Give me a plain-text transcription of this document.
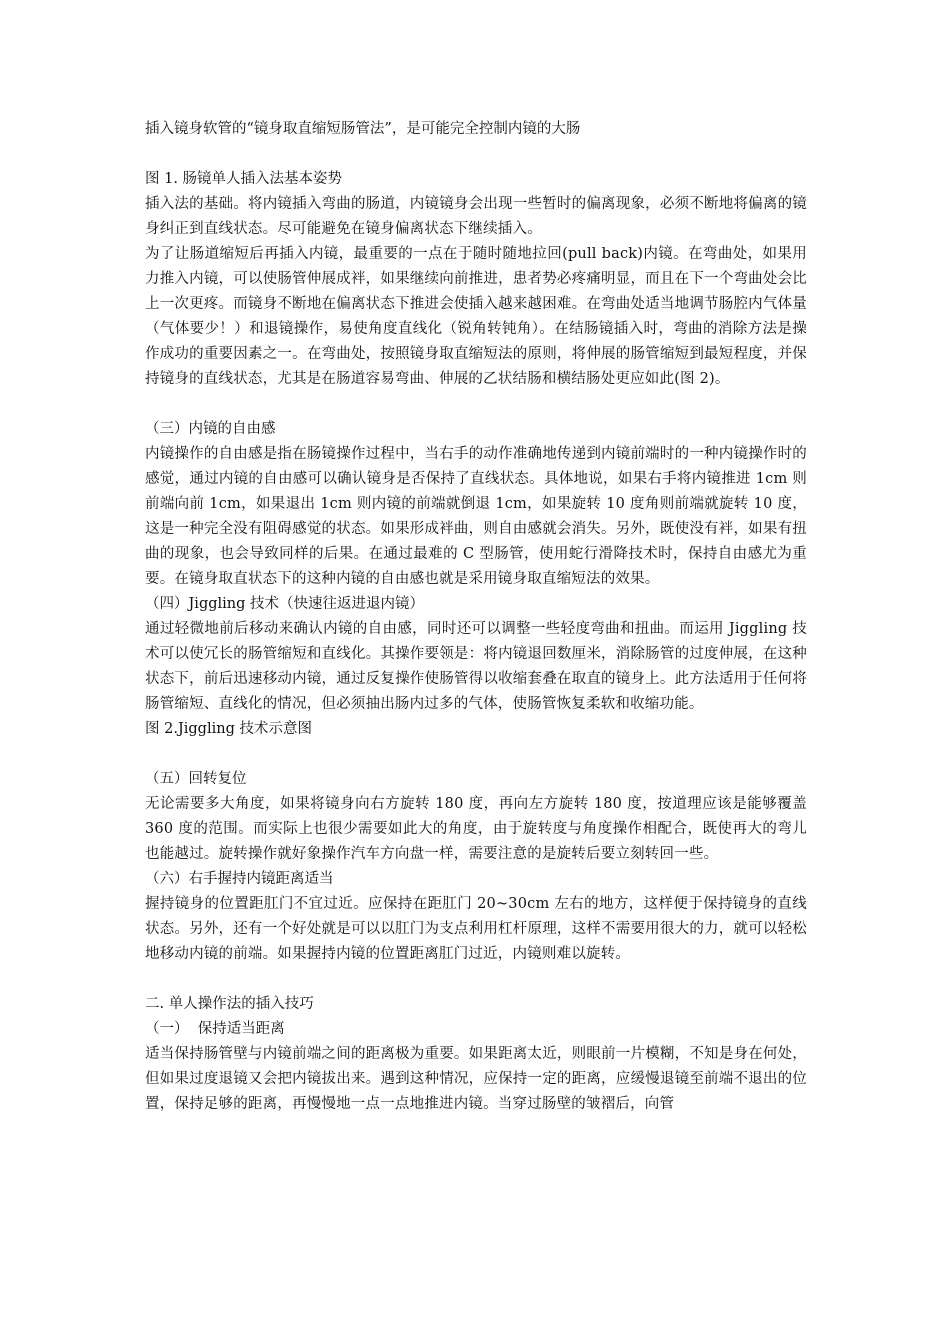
插入镜身软管的“镜身取直缩短肠管法”，是可能完全控制内镜的大肠

图 1. 肠镜单人插入法基本姿势

插入法的基础。将内镜插入弯曲的肠道，内镜镜身会出现一些暂时的偏离现象，必须不断地将偏离的镜身纠正到直线状态。尽可能避免在镜身偏离状态下继续插入。

为了让肠道缩短后再插入内镜，最重要的一点在于随时随地拉回(pull back)内镜。在弯曲处，如果用力推入内镜，可以使肠管伸展成袢，如果继续向前推进，患者势必疼痛明显，而且在下一个弯曲处会比上一次更疼。而镜身不断地在偏离状态下推进会使插入越来越困难。在弯曲处适当地调节肠腔内气体量（气体要少！）和退镜操作，易使角度直线化（锐角转钝角）。在结肠镜插入时，弯曲的消除方法是操作成功的重要因素之一。在弯曲处，按照镜身取直缩短法的原则，将伸展的肠管缩短到最短程度，并保持镜身的直线状态，尤其是在肠道容易弯曲、伸展的乙状结肠和横结肠处更应如此(图 2)。

（三）内镜的自由感

内镜操作的自由感是指在肠镜操作过程中，当右手的动作准确地传递到内镜前端时的一种内镜操作时的感觉，通过内镜的自由感可以确认镜身是否保持了直线状态。具体地说，如果右手将内镜推进 1cm 则前端向前 1cm，如果退出 1cm 则内镜的前端就倒退 1cm，如果旋转 10 度角则前端就旋转 10 度，这是一种完全没有阻碍感觉的状态。如果形成袢曲，则自由感就会消失。另外，既使没有袢，如果有扭曲的现象，也会导致同样的后果。在通过最难的 C 型肠管，使用蛇行滑降技术时，保持自由感尤为重要。在镜身取直状态下的这种内镜的自由感也就是采用镜身取直缩短法的效果。

（四）Jiggling 技术（快速往返进退内镜）

通过轻微地前后移动来确认内镜的自由感，同时还可以调整一些轻度弯曲和扭曲。而运用 Jiggling 技术可以使冗长的肠管缩短和直线化。其操作要领是：将内镜退回数厘米，消除肠管的过度伸展，在这种状态下，前后迅速移动内镜，通过反复操作使肠管得以收缩套叠在取直的镜身上。此方法适用于任何将肠管缩短、直线化的情况，但必须抽出肠内过多的气体，使肠管恢复柔软和收缩功能。

图 2.Jiggling 技术示意图

（五）回转复位

无论需要多大角度，如果将镜身向右方旋转 180 度，再向左方旋转 180 度，按道理应该是能够覆盖 360 度的范围。而实际上也很少需要如此大的角度，由于旋转度与角度操作相配合，既使再大的弯儿也能越过。旋转操作就好象操作汽车方向盘一样，需要注意的是旋转后要立刻转回一些。

（六）右手握持内镜距离适当

握持镜身的位置距肛门不宜过近。应保持在距肛门 20~30cm 左右的地方，这样便于保持镜身的直线状态。另外，还有一个好处就是可以以肛门为支点利用杠杆原理，这样不需要用很大的力，就可以轻松地移动内镜的前端。如果握持内镜的位置距离肛门过近，内镜则难以旋转。

二. 单人操作法的插入技巧

（一）  保持适当距离

适当保持肠管壁与内镜前端之间的距离极为重要。如果距离太近，则眼前一片模糊，不知是身在何处，但如果过度退镜又会把内镜拔出来。遇到这种情况，应保持一定的距离，应缓慢退镜至前端不退出的位置，保持足够的距离，再慢慢地一点一点地推进内镜。当穿过肠壁的皱褶后，向管
